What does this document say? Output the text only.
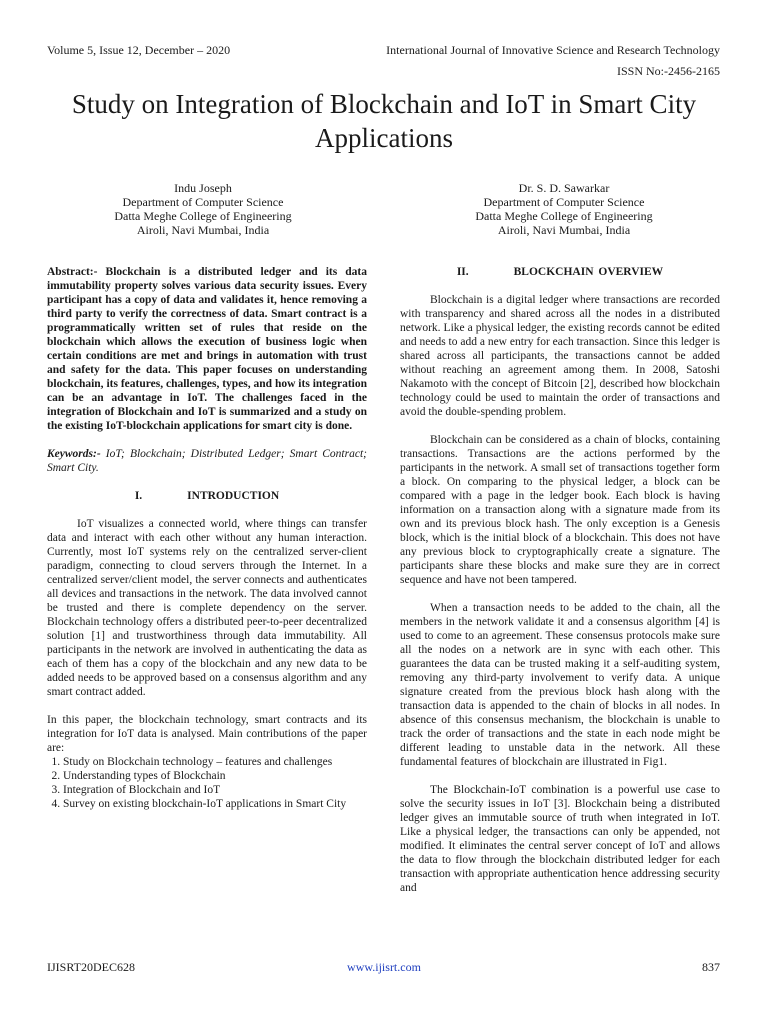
Volume 5, Issue 12, December – 2020	International Journal of Innovative Science and Research Technology
ISSN No:-2456-2165
Study on Integration of Blockchain and IoT in Smart City Applications
Indu Joseph
Department of Computer Science
Datta Meghe College of Engineering
Airoli, Navi Mumbai, India
Dr. S. D. Sawarkar
Department of Computer Science
Datta Meghe College of Engineering
Airoli, Navi Mumbai, India

Abstract:- Blockchain is a distributed ledger and its data immutability property solves various data security issues. Every participant has a copy of data and validates it, hence removing a third party to verify the correctness of data. Smart contract is a programmatically written set of rules that reside on the blockchain which allows the execution of business logic when certain conditions are met and brings in automation with trust and safety for the data. This paper focuses on understanding blockchain, its features, challenges, types, and how its integration can be an advantage in IoT. The challenges faced in the integration of Blockchain and IoT is summarized and a study on the existing IoT-blockchain applications for smart city is done.

Keywords:- IoT; Blockchain; Distributed Ledger; Smart Contract; Smart City.

I.	INTRODUCTION

IoT visualizes a connected world, where things can transfer data and interact with each other without any human interaction. Currently, most IoT systems rely on the centralized server-client paradigm, connecting to cloud servers through the Internet. In a centralized server/client model, the server connects and authenticates all devices and transactions in the network. The data involved cannot be trusted and there is complete dependency on the server. Blockchain technology offers a distributed peer-to-peer decentralized solution [1] and trustworthiness through data immutability. All participants in the network are involved in authenticating the data as each of them has a copy of the blockchain and any new data to be added needs to be approved based on a consensus algorithm and any smart contract added.

In this paper, the blockchain technology, smart contracts and its integration for IoT data is analysed. Main contributions of the paper are:

1. Study on Blockchain technology – features and challenges
2. Understanding types of Blockchain
3. Integration of Blockchain and IoT
4. Survey on existing blockchain-IoT applications in Smart City
II.	BLOCKCHAIN OVERVIEW

Blockchain is a digital ledger where transactions are recorded with transparency and shared across all the nodes in a distributed network. Like a physical ledger, the existing records cannot be edited and needs to add a new entry for each transaction. Since this ledger is shared across all participants, the transactions cannot be added without reaching an agreement among them. In 2008, Satoshi Nakamoto with the concept of Bitcoin [2], described how blockchain technology could be used to maintain the order of transactions and avoid the double-spending problem.

Blockchain can be considered as a chain of blocks, containing transactions. Transactions are the actions performed by the participants in the network. A small set of transactions together form a block. On comparing to the physical ledger, a block can be compared with a page in the ledger book. Each block is having information on a transaction along with a signature made from its own and its previous block hash. The only exception is a Genesis block, which is the initial block of a blockchain. This does not have any previous block to cryptographically create a signature. The participants share these blocks and make sure they are in correct sequence and have not been tampered.

When a transaction needs to be added to the chain, all the members in the network validate it and a consensus algorithm [4] is used to come to an agreement. These consensus protocols make sure all the nodes on a network are in sync with each other. This guarantees the data can be trusted making it a self-auditing system, removing any third-party involvement to verify data. A unique signature created from the previous block hash along with the transaction data is appended to the chain of blocks in all nodes. In absence of this consensus mechanism, the blockchain is unable to track the order of transactions and the state in each node might be different leading to unstable data in the network. All these fundamental features of blockchain are illustrated in Fig1.

The Blockchain-IoT combination is a powerful use case to solve the security issues in IoT [3]. Blockchain being a distributed ledger gives an immutable source of truth when integrated in IoT. Like a physical ledger, the transactions can only be appended, not modified. It eliminates the central server concept of IoT and allows the data to flow through the blockchain distributed ledger for each transaction with appropriate authentication hence addressing security and

IJISRT20DEC628	www.ijisrt.com	837
